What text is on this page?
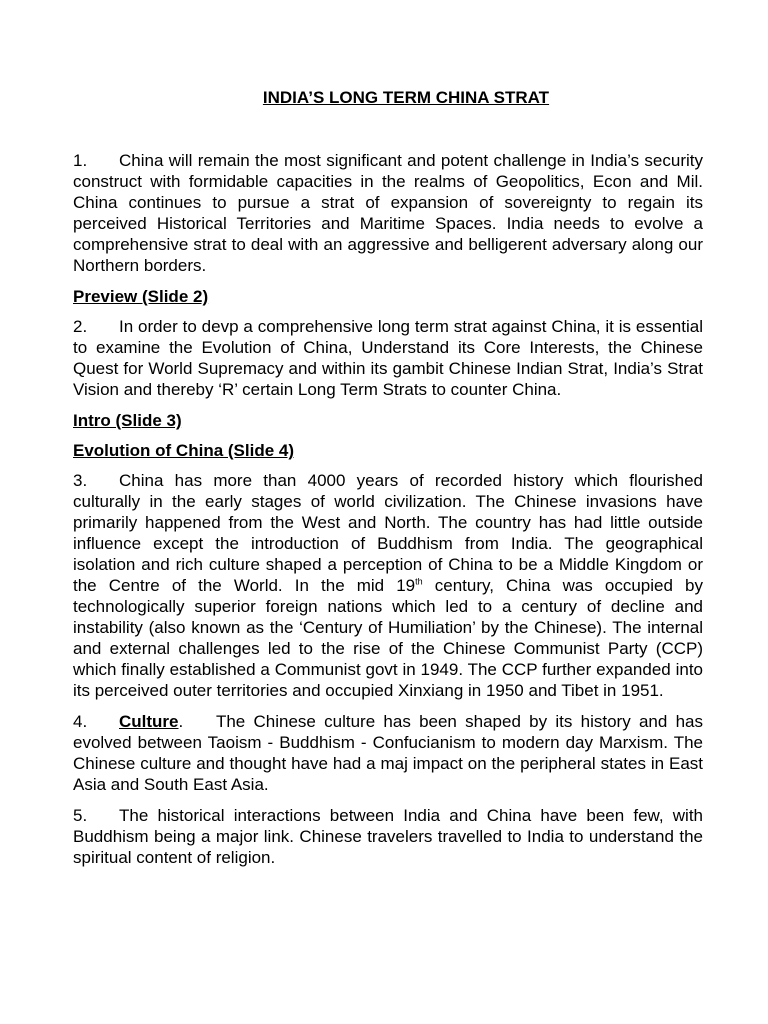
INDIA’S LONG TERM CHINA STRAT

1. China will remain the most significant and potent challenge in India’s security construct with formidable capacities in the realms of Geopolitics, Econ and Mil. China continues to pursue a strat of expansion of sovereignty to regain its perceived Historical Territories and Maritime Spaces. India needs to evolve a comprehensive strat to deal with an aggressive and belligerent adversary along our Northern borders.

Preview (Slide 2)

2. In order to devp a comprehensive long term strat against China, it is essential to examine the Evolution of China, Understand its Core Interests, the Chinese Quest for World Supremacy and within its gambit Chinese Indian Strat, India’s Strat Vision and thereby ‘R’ certain Long Term Strats to counter China.

Intro (Slide 3)
Evolution of China (Slide 4)

3. China has more than 4000 years of recorded history which flourished culturally in the early stages of world civilization. The Chinese invasions have primarily happened from the West and North. The country has had little outside influence except the introduction of Buddhism from India. The geographical isolation and rich culture shaped a perception of China to be a Middle Kingdom or the Centre of the World. In the mid 19th century, China was occupied by technologically superior foreign nations which led to a century of decline and instability (also known as the ‘Century of Humiliation’ by the Chinese). The internal and external challenges led to the rise of the Chinese Communist Party (CCP) which finally established a Communist govt in 1949. The CCP further expanded into its perceived outer territories and occupied Xinxiang in 1950 and Tibet in 1951.

4. Culture. The Chinese culture has been shaped by its history and has evolved between Taoism - Buddhism - Confucianism to modern day Marxism. The Chinese culture and thought have had a maj impact on the peripheral states in East Asia and South East Asia.

5. The historical interactions between India and China have been few, with Buddhism being a major link. Chinese travelers travelled to India to understand the spiritual content of religion.
